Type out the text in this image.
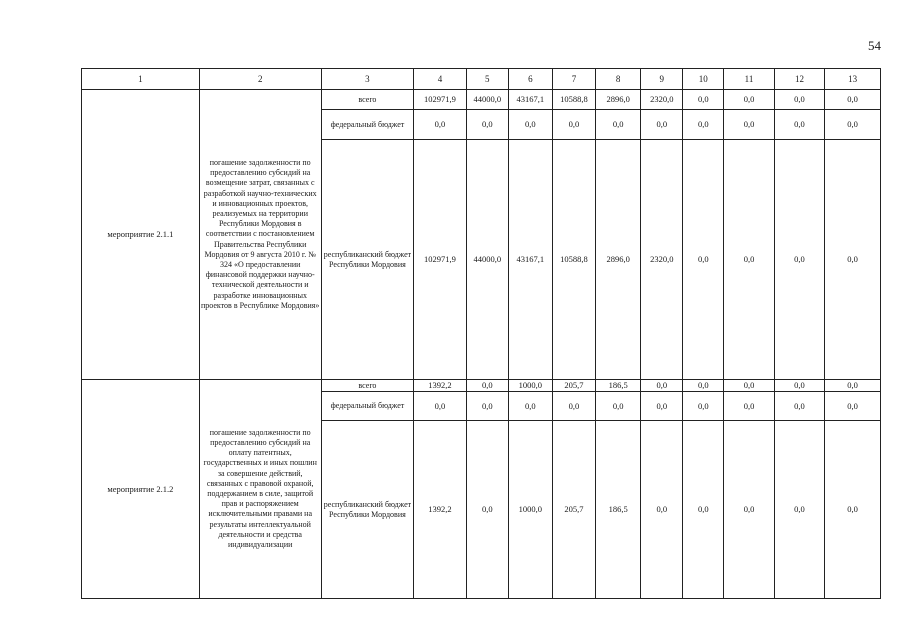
54
1	2	3	4	5	6	7	8	9	10	11	12	13
мероприятие 2.1.1	погашение задолженности по предоставлению субсидий на возмещение затрат, связанных с разработкой научно-технических и инновационных проектов, реализуемых на территории Республики Мордовия в соответствии с постановлением Правительства Республики Мордовия от 9 августа 2010 г. № 324 «О предоставлении финансовой поддержки научно-технической деятельности и разработке инновационных проектов в Республике Мордовия»	всего	102971,9	44000,0	43167,1	10588,8	2896,0	2320,0	0,0	0,0	0,0	0,0
		федеральный бюджет	0,0	0,0	0,0	0,0	0,0	0,0	0,0	0,0	0,0	0,0
		республиканский бюджет Республики Мордовия	102971,9	44000,0	43167,1	10588,8	2896,0	2320,0	0,0	0,0	0,0	0,0
мероприятие 2.1.2	погашение задолженности по предоставлению субсидий на оплату патентных, государственных и иных пошлин за совершение действий, связанных с правовой охраной, поддержанием в силе, защитой прав и распоряжением исключительными правами на результаты интеллектуальной деятельности и средства индивидуализации	всего	1392,2	0,0	1000,0	205,7	186,5	0,0	0,0	0,0	0,0	0,0
		федеральный бюджет	0,0	0,0	0,0	0,0	0,0	0,0	0,0	0,0	0,0	0,0
		республиканский бюджет Республики Мордовия	1392,2	0,0	1000,0	205,7	186,5	0,0	0,0	0,0	0,0	0,0
